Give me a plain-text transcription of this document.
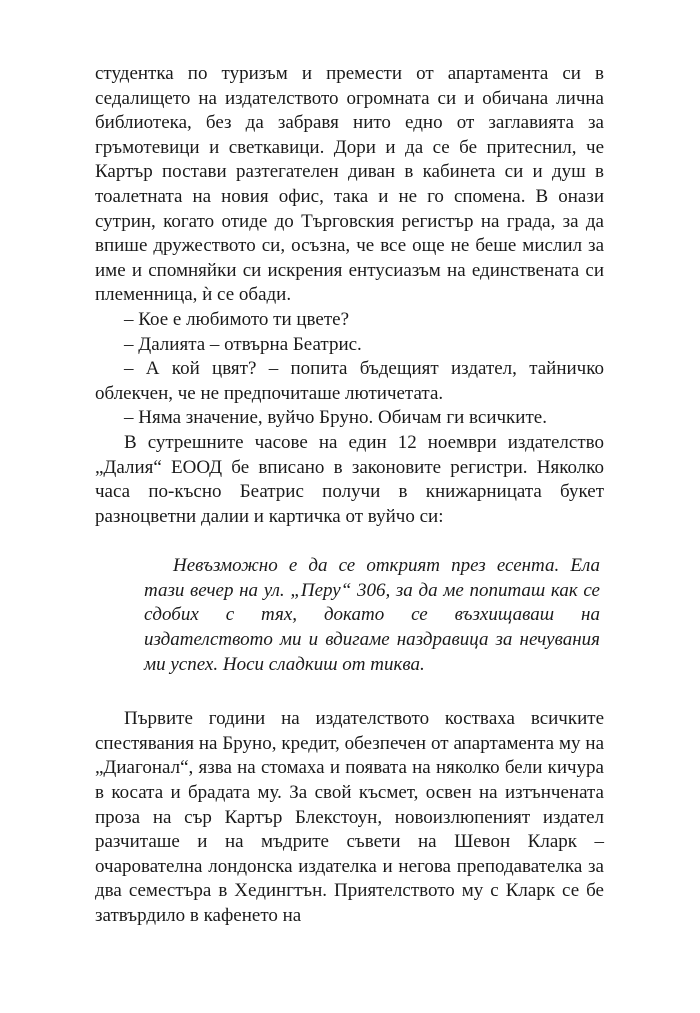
студентка по туризъм и премести от апартамента си в седалището на издателството огромната си и обичана лична библиотека, без да забравя нито едно от заглавията за гръмотевици и светкавици. Дори и да се бе притеснил, че Картър постави разтегателен диван в кабинета си и душ в тоалетната на новия офис, така и не го спомена. В онази сутрин, когато отиде до Търговския регистър на града, за да впише дружеството си, осъзна, че все още не беше мислил за име и спомняйки си искрения ентусиазъм на единствената си племенница, ѝ се обади.

– Кое е любимото ти цвете?

– Далията – отвърна Беатрис.

– А кой цвят? – попита бъдещият издател, тайничко облекчен, че не предпочиташе лютичетата.

– Няма значение, вуйчо Бруно. Обичам ги всичките.

В сутрешните часове на един 12 ноември издателство „Далия“ ЕООД бе вписано в законовите регистри. Няколко часа по-късно Беатрис получи в книжарницата букет разноцветни далии и картичка от вуйчо си:

Невъзможно е да се открият през есента. Ела тази вечер на ул. „Перу“ 306, за да ме попиташ как се сдобих с тях, докато се възхищаваш на издателството ми и вдигаме наздравица за нечувания ми успех. Носи сладкиш от тиква.

Първите години на издателството коствaха всичките спестявания на Бруно, кредит, обезпечен от апартамента му на „Диагонал“, язва на стомаха и появата на няколко бели кичура в косата и брадата му. За свой късмет, освен на изтънчената проза на сър Картър Блекстоун, новоизлюпеният издател разчиташе и на мъдрите съвети на Шевон Кларк – очарователна лондонска издателка и негова преподавателка за два семестъра в Хедингтън. Приятелството му с Кларк се бе затвърдило в кафенето на
